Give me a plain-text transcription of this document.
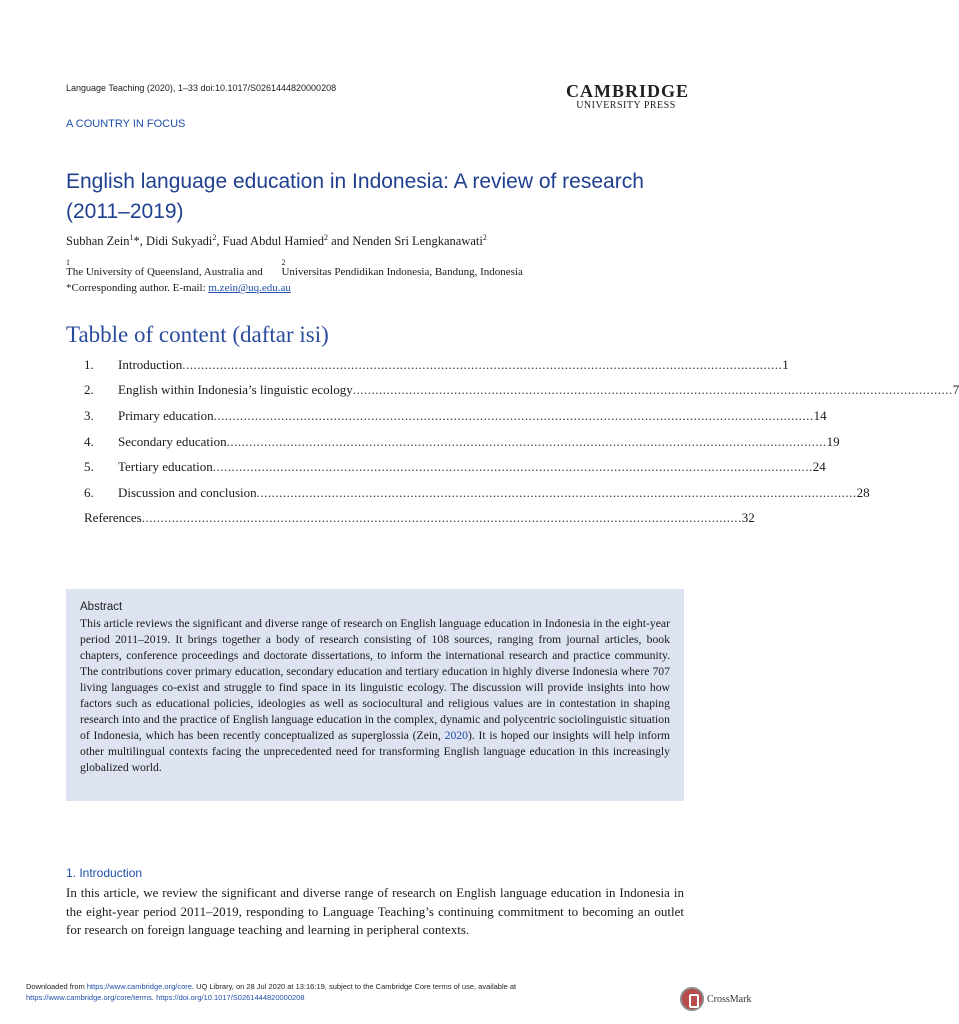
Language Teaching (2020), 1–33 doi:10.1017/S0261444820000208	CAMBRIDGE
UNIVERSITY PRESS
A COUNTRY IN FOCUS
English language education in Indonesia: A review of research (2011–2019)
Subhan Zein$^1$*, Didi Sukyadi$^2$, Fuad Abdul Hamied$^2$ and Nenden Sri Lengkanawati$^2$
1
The University of Queensland, Australia and
2
Universitas Pendidikan Indonesia, Bandung, Indonesia
*Corresponding author. E-mail: m.zein@uq.edu.au
Tabble of content (daftar isi)
1.	Introduction ................................................................................................................................................................ 1
2.	English within Indonesia’s linguistic ecology ................................................................................................................................................................ 7
3.	Primary education ................................................................................................................................................................ 14
4.	Secondary education ................................................................................................................................................................ 19
5.	Tertiary education ................................................................................................................................................................ 24
6.	Discussion and conclusion ................................................................................................................................................................ 28
References ................................................................................................................................................................ 32
Abstract
This article reviews the significant and diverse range of research on English language education in Indonesia in the eight-year period 2011–2019. It brings together a body of research consisting of 108 sources, ranging from journal articles, book chapters, conference proceedings and doctorate dissertations, to inform the international research and practice community. The contributions cover primary education, secondary education and tertiary education in highly diverse Indonesia where 707 living languages co-exist and struggle to find space in its linguistic ecology. The discussion will provide insights into how factors such as educational policies, ideologies as well as sociocultural and religious values are in contestation in shaping research into and the practice of English language education in the complex, dynamic and polycentric sociolinguistic situation of Indonesia, which has been recently conceptualized as superglossia (Zein, 2020). It is hoped our insights will help inform other multilingual contexts facing the unprecedented need for transforming English language education in this increasingly globalized world.
1. Introduction
In this article, we review the significant and diverse range of research on English language education in Indonesia in the eight-year period 2011–2019, responding to Language Teaching’s continuing commitment to becoming an outlet for research on foreign language teaching and learning in peripheral contexts.
Downloaded from https://www.cambridge.org/core. UQ Library, on 28 Jul 2020 at 13:16:19, subject to the Cambridge Core terms of use, available at
https://www.cambridge.org/core/terms. https://doi.org/10.1017/S0261444820000208	CrossMark
